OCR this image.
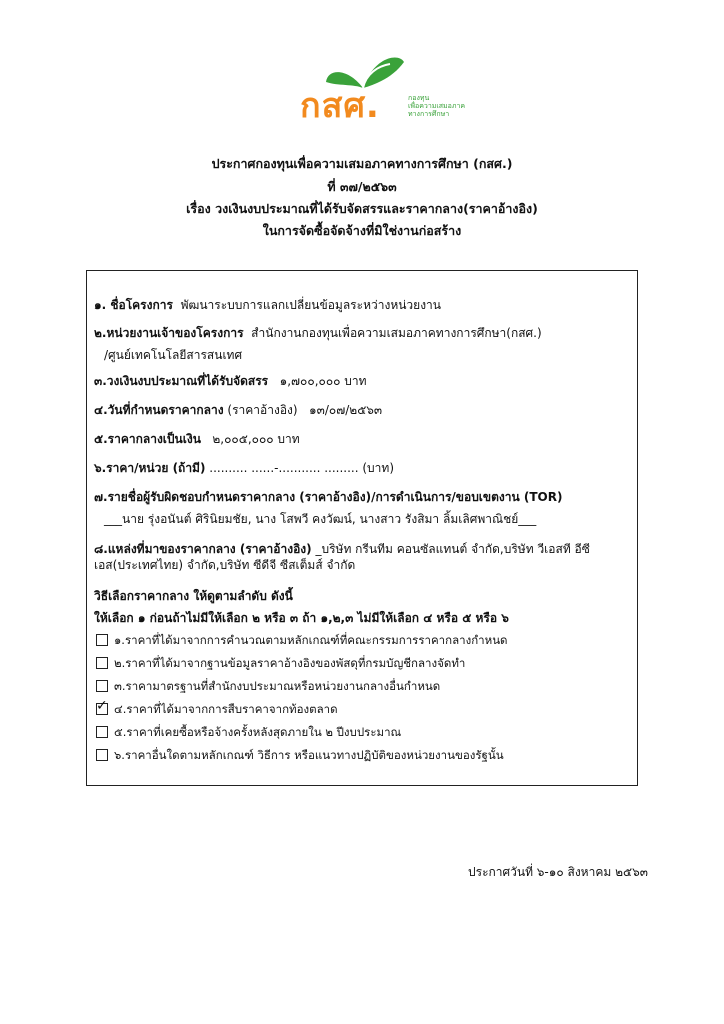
กสศ.	กองทุน
เพื่อความเสมอภาค
ทางการศึกษา
ประกาศกองทุนเพื่อความเสมอภาคทางการศึกษา (กสศ.)
ที่ ๓๗/๒๕๖๓
เรื่อง วงเงินงบประมาณที่ได้รับจัดสรรและราคากลาง(ราคาอ้างอิง)
ในการจัดซื้อจัดจ้างที่มิใช่งานก่อสร้าง
๑. ชื่อโครงการ พัฒนาระบบการแลกเปลี่ยนข้อมูลระหว่างหน่วยงาน
๒.หน่วยงานเจ้าของโครงการ สำนักงานกองทุนเพื่อความเสมอภาคทางการศึกษา(กสศ.)
/ศูนย์เทคโนโลยีสารสนเทศ
๓.วงเงินงบประมาณที่ได้รับจัดสรร ๑,๗๐๐,๐๐๐ บาท
๔.วันที่กำหนดราคากลาง (ราคาอ้างอิง) ๑๓/๐๗/๒๕๖๓
๕.ราคากลางเป็นเงิน ๒,๐๐๕,๐๐๐ บาท
๖.ราคา/หน่วย (ถ้ามี) .......... ......-........... ......... (บาท)
๗.รายชื่อผู้รับผิดชอบกำหนดราคากลาง (ราคาอ้างอิง)/การดำเนินการ/ขอบเขตงาน (TOR)
___นาย รุ่งอนันต์ ศิรินิยมชัย, นาง โสพวี คงวัฒน์, นางสาว รังสิมา ลิ้มเลิศพาณิชย์___
๘.แหล่งที่มาของราคากลาง (ราคาอ้างอิง) _บริษัท กรีนทีม คอนซัลแทนต์ จำกัด,บริษัท วีเอสที อีซีเอส(ประเทศไทย) จำกัด,บริษัท ซีดีจี ซีสเต็มส์ จำกัด
วิธีเลือกราคากลาง ให้ดูตามลำดับ ดังนี้
ให้เลือก ๑ ก่อนถ้าไม่มีให้เลือก ๒ หรือ ๓ ถ้า ๑,๒,๓ ไม่มีให้เลือก ๔ หรือ ๕ หรือ ๖
๑.ราคาที่ได้มาจากการคำนวณตามหลักเกณฑ์ที่คณะกรรมการราคากลางกำหนด
๒.ราคาที่ได้มาจากฐานข้อมูลราคาอ้างอิงของพัสดุที่กรมบัญชีกลางจัดทำ
๓.ราคามาตรฐานที่สำนักงบประมาณหรือหน่วยงานกลางอื่นกำหนด
✓ ๔.ราคาที่ได้มาจากการสืบราคาจากท้องตลาด
๕.ราคาที่เคยซื้อหรือจ้างครั้งหลังสุดภายใน ๒ ปีงบประมาณ
๖.ราคาอื่นใดตามหลักเกณฑ์ วิธีการ หรือแนวทางปฏิบัติของหน่วยงานของรัฐนั้น
ประกาศวันที่ ๖-๑๐ สิงหาคม ๒๕๖๓
